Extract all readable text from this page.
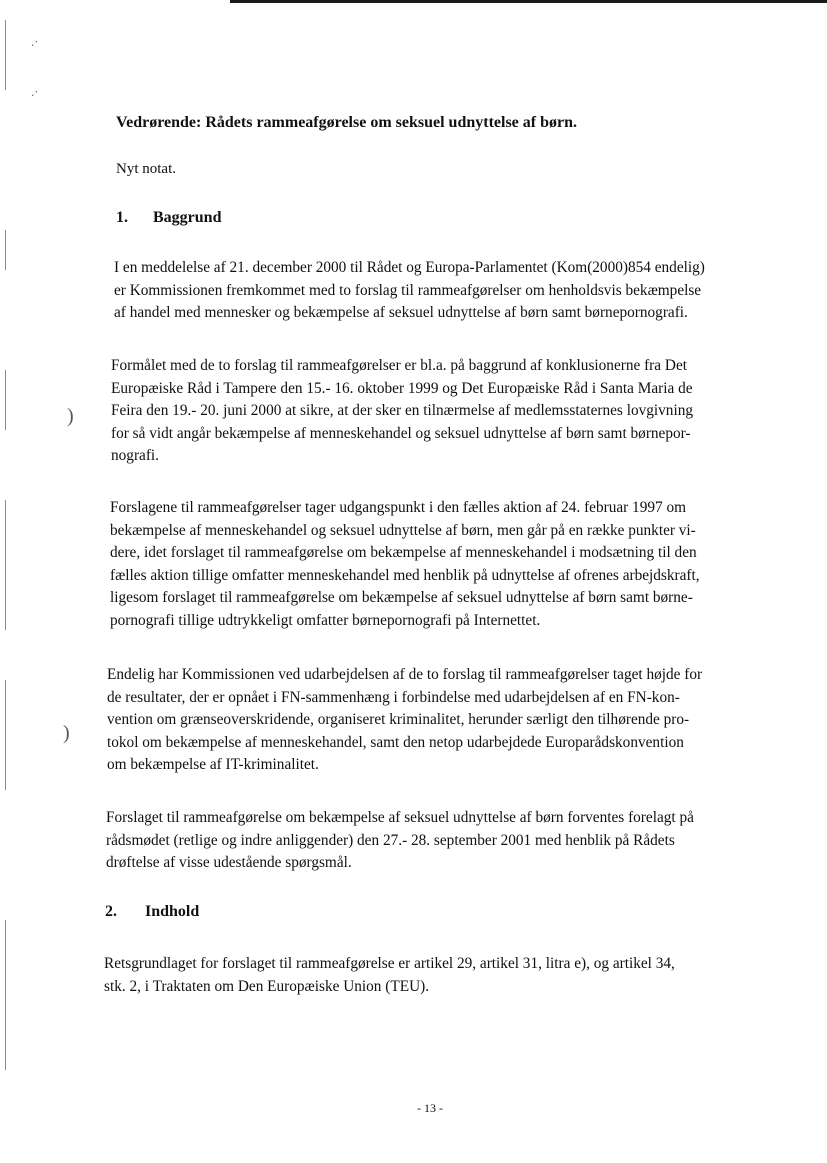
.·
.·
)
)
Vedrørende: Rådets rammeafgørelse om seksuel udnyttelse af børn.

Nyt notat.

1. Baggrund

I en meddelelse af 21. december 2000 til Rådet og Europa-Parlamentet (Kom(2000)854 endelig)
er Kommissionen fremkommet med to forslag til rammeafgørelser om henholdsvis bekæmpelse
af handel med mennesker og bekæmpelse af seksuel udnyttelse af børn samt børnepornografi.

Formålet med de to forslag til rammeafgørelser er bl.a. på baggrund af konklusionerne fra Det
Europæiske Råd i Tampere den 15.- 16. oktober 1999 og Det Europæiske Råd i Santa Maria de
Feira den 19.- 20. juni 2000 at sikre, at der sker en tilnærmelse af medlemsstaternes lovgivning
for så vidt angår bekæmpelse af menneskehandel og seksuel udnyttelse af børn samt børnepor-
nografi.

Forslagene til rammeafgørelser tager udgangspunkt i den fælles aktion af 24. februar 1997 om
bekæmpelse af menneskehandel og seksuel udnyttelse af børn, men går på en række punkter vi-
dere, idet forslaget til rammeafgørelse om bekæmpelse af menneskehandel i modsætning til den
fælles aktion tillige omfatter menneskehandel med henblik på udnyttelse af ofrenes arbejdskraft,
ligesom forslaget til rammeafgørelse om bekæmpelse af seksuel udnyttelse af børn samt børne-
pornografi tillige udtrykkeligt omfatter børnepornografi på Internettet.

Endelig har Kommissionen ved udarbejdelsen af de to forslag til rammeafgørelser taget højde for
de resultater, der er opnået i FN-sammenhæng i forbindelse med udarbejdelsen af en FN-kon-
vention om grænseoverskridende, organiseret kriminalitet, herunder særligt den tilhørende pro-
tokol om bekæmpelse af menneskehandel, samt den netop udarbejdede Europarådskonvention
om bekæmpelse af IT-kriminalitet.

Forslaget til rammeafgørelse om bekæmpelse af seksuel udnyttelse af børn forventes forelagt på
rådsmødet (retlige og indre anliggender) den 27.- 28. september 2001 med henblik på Rådets
drøftelse af visse udestående spørgsmål.

2. Indhold

Retsgrundlaget for forslaget til rammeafgørelse er artikel 29, artikel 31, litra e), og artikel 34,
stk. 2, i Traktaten om Den Europæiske Union (TEU).

- 13 -
